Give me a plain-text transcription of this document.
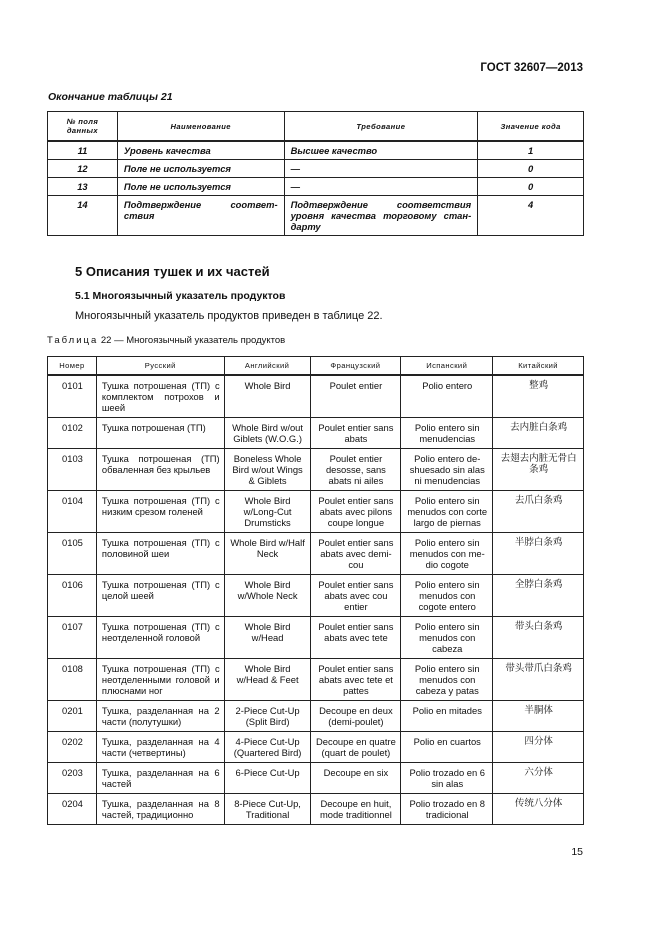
ГОСТ 32607—2013
Окончание таблицы 21
№ поля данных	Наименование	Требование	Значение кода
11	Уровень качества	Высшее качество	1
12	Поле не используется	—	0
13	Поле не используется	—	0
14	Подтверждение соответствия	Подтверждение соответствия уровня качества торговому стандарту	4
5 Описания тушек и их частей
5.1 Многоязычный указатель продуктов
Многоязычный указатель продуктов приведен в таблице 22.
Таблица 22 — Многоязычный указатель продуктов
Номер	Русский	Английский	Французский	Испанский	Китайский
0101	Тушка потрошеная (ТП) с комплектом потрохов и шеей	Whole Bird	Poulet entier	Polio entero	整鸡
0102	Тушка потрошеная (ТП)	Whole Bird w/out Giblets (W.O.G.)	Poulet entier sans abats	Polio entero sin menudencias	去内脏白条鸡
0103	Тушка потрошеная (ТП) обваленная без крыльев	Boneless Whole Bird w/out Wings & Giblets	Poulet entier desosse, sans abats ni ailes	Polio entero deshuesado sin alas ni menudencias	去翅去内脏无骨白条鸡
0104	Тушка потрошеная (ТП) с низким срезом голеней	Whole Bird w/Long-Cut Drumsticks	Poulet entier sans abats avec pilons coupe longue	Polio entero sin menudos con corte largo de piernas	去爪白条鸡
0105	Тушка потрошеная (ТП) с половиной шеи	Whole Bird w/Half Neck	Poulet entier sans abats avec demicou	Polio entero sin menudos con medio cogote	半脖白条鸡
0106	Тушка потрошеная (ТП) с целой шеей	Whole Bird w/Whole Neck	Poulet entier sans abats avec cou entier	Polio entero sin menudos con cogote entero	全脖白条鸡
0107	Тушка потрошеная (ТП) с неотделенной головой	Whole Bird w/Head	Poulet entier sans abats avec tete	Polio entero sin menudos con cabeza	带头白条鸡
0108	Тушка потрошеная (ТП) с неотделенными головой и плюснами ног	Whole Bird w/Head & Feet	Poulet entier sans abats avec tete et pattes	Polio entero sin menudos con cabeza y patas	带头带爪白条鸡
0201	Тушка, разделанная на 2 части (полутушки)	2-Piece Cut-Up (Split Bird)	Decoupe en deux (demi-poulet)	Polio en mitades	半胴体
0202	Тушка, разделанная на 4 части (четвертины)	4-Piece Cut-Up (Quartered Bird)	Decoupe en quatre (quart de poulet)	Polio en cuartos	四分体
0203	Тушка, разделанная на 6 частей	6-Piece Cut-Up	Decoupe en six	Polio trozado en 6 sin alas	六分体
0204	Тушка, разделанная на 8 частей, традиционно	8-Piece Cut-Up, Traditional	Decoupe en huit, mode traditionnel	Polio trozado en 8 tradicional	传统八分体
15
